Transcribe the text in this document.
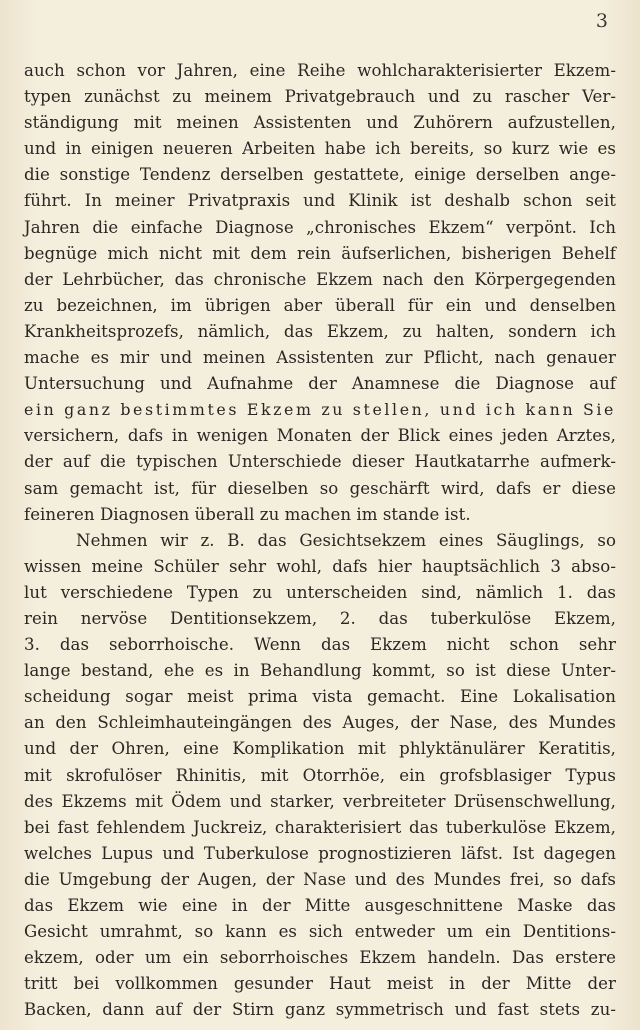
3
auch schon vor Jahren, eine Reihe wohlcharakterisierter Ekzem-
typen zunächst zu meinem Privatgebrauch und zu rascher Ver-
ständigung mit meinen Assistenten und Zuhörern aufzustellen,
und in einigen neueren Arbeiten habe ich bereits, so kurz wie es
die sonstige Tendenz derselben gestattete, einige derselben ange-
führt. In meiner Privatpraxis und Klinik ist deshalb schon seit
Jahren die einfache Diagnose „chronisches Ekzem“ verpönt. Ich
begnüge mich nicht mit dem rein äufserlichen, bisherigen Behelf
der Lehrbücher, das chronische Ekzem nach den Körpergegenden
zu bezeichnen, im übrigen aber überall für ein und denselben
Krankheitsprozefs, nämlich, das Ekzem, zu halten, sondern ich
mache es mir und meinen Assistenten zur Pflicht, nach genauer
Untersuchung und Aufnahme der Anamnese die Diagnose auf
ein ganz bestimmtes Ekzem zu stellen, und ich kann Sie
versichern, dafs in wenigen Monaten der Blick eines jeden Arztes,
der auf die typischen Unterschiede dieser Hautkatarrhe aufmerk-
sam gemacht ist, für dieselben so geschärft wird, dafs er diese
feineren Diagnosen überall zu machen im stande ist.
Nehmen wir z. B. das Gesichtsekzem eines Säuglings, so
wissen meine Schüler sehr wohl, dafs hier hauptsächlich 3 abso-
lut verschiedene Typen zu unterscheiden sind, nämlich 1. das
rein nervöse Dentitionsekzem, 2. das tuberkulöse Ekzem,
3. das seborrhoische. Wenn das Ekzem nicht schon sehr
lange bestand, ehe es in Behandlung kommt, so ist diese Unter-
scheidung sogar meist prima vista gemacht. Eine Lokalisation
an den Schleimhauteingängen des Auges, der Nase, des Mundes
und der Ohren, eine Komplikation mit phlyktänulärer Keratitis,
mit skrofulöser Rhinitis, mit Otorrhöe, ein grofsblasiger Typus
des Ekzems mit Ödem und starker, verbreiteter Drüsenschwellung,
bei fast fehlendem Juckreiz, charakterisiert das tuberkulöse Ekzem,
welches Lupus und Tuberkulose prognostizieren läfst. Ist dagegen
die Umgebung der Augen, der Nase und des Mundes frei, so dafs
das Ekzem wie eine in der Mitte ausgeschnittene Maske das
Gesicht umrahmt, so kann es sich entweder um ein Dentitions-
ekzem, oder um ein seborrhoisches Ekzem handeln. Das erstere
tritt bei vollkommen gesunder Haut meist in der Mitte der
Backen, dann auf der Stirn ganz symmetrisch und fast stets zu-
